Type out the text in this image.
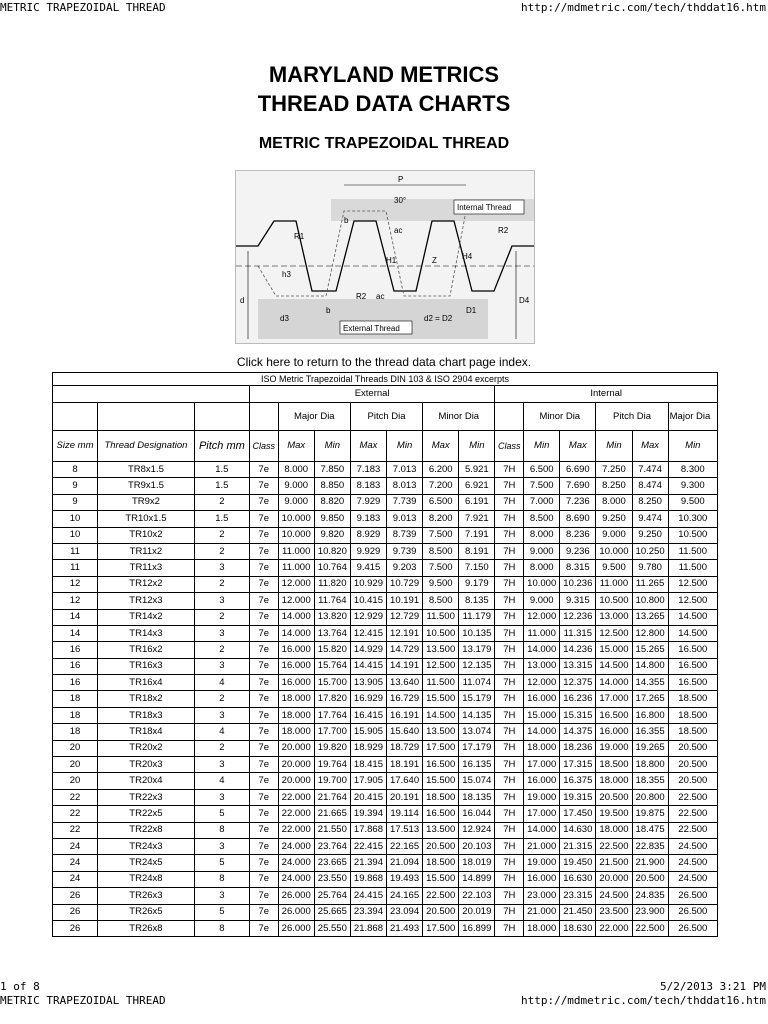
METRIC TRAPEZOIDAL THREAD	http://mdmetric.com/tech/thddat16.htm
MARYLAND METRICS
THREAD DATA CHARTS
METRIC TRAPEZOIDAL THREAD
P
30°
Internal Thread
External Thread
R1
R2
b
b
ac
ac
H1
h3
H4
Z
d
d3	d2 = D2
D1
D4
R2
Click here to return to the thread data chart page index.
ISO Metric Trapezoidal Threads DIN 103 & ISO 2904 excerpts															
			External							Internal					
				Major Dia		Pitch Dia		Minor Dia			Minor Dia		Pitch Dia		Major Dia
Size mm	Thread Designation	Pitch mm	Class	Max	Min	Max	Min	Max	Min	Class	Min	Max	Min	Max	Min
8	TR8x1.5	1.5	7e	8.000	7.850	7.183	7.013	6.200	5.921	7H	6.500	6.690	7.250	7.474	8.300
9	TR9x1.5	1.5	7e	9.000	8.850	8.183	8.013	7.200	6.921	7H	7.500	7.690	8.250	8.474	9.300
9	TR9x2	2	7e	9.000	8.820	7.929	7.739	6.500	6.191	7H	7.000	7.236	8.000	8.250	9.500
10	TR10x1.5	1.5	7e	10.000	9.850	9.183	9.013	8.200	7.921	7H	8.500	8.690	9.250	9.474	10.300
10	TR10x2	2	7e	10.000	9.820	8.929	8.739	7.500	7.191	7H	8.000	8.236	9.000	9.250	10.500
11	TR11x2	2	7e	11.000	10.820	9.929	9.739	8.500	8.191	7H	9.000	9.236	10.000	10.250	11.500
11	TR11x3	3	7e	11.000	10.764	9.415	9.203	7.500	7.150	7H	8.000	8.315	9.500	9.780	11.500
12	TR12x2	2	7e	12.000	11.820	10.929	10.729	9.500	9.179	7H	10.000	10.236	11.000	11.265	12.500
12	TR12x3	3	7e	12.000	11.764	10.415	10.191	8.500	8.135	7H	9.000	9.315	10.500	10.800	12.500
14	TR14x2	2	7e	14.000	13.820	12.929	12.729	11.500	11.179	7H	12.000	12.236	13.000	13.265	14.500
14	TR14x3	3	7e	14.000	13.764	12.415	12.191	10.500	10.135	7H	11.000	11.315	12.500	12.800	14.500
16	TR16x2	2	7e	16.000	15.820	14.929	14.729	13.500	13.179	7H	14.000	14.236	15.000	15.265	16.500
16	TR16x3	3	7e	16.000	15.764	14.415	14.191	12.500	12.135	7H	13.000	13.315	14.500	14.800	16.500
16	TR16x4	4	7e	16.000	15.700	13.905	13.640	11.500	11.074	7H	12.000	12.375	14.000	14.355	16.500
18	TR18x2	2	7e	18.000	17.820	16.929	16.729	15.500	15.179	7H	16.000	16.236	17.000	17.265	18.500
18	TR18x3	3	7e	18.000	17.764	16.415	16.191	14.500	14.135	7H	15.000	15.315	16.500	16.800	18.500
18	TR18x4	4	7e	18.000	17.700	15.905	15.640	13.500	13.074	7H	14.000	14.375	16.000	16.355	18.500
20	TR20x2	2	7e	20.000	19.820	18.929	18.729	17.500	17.179	7H	18.000	18.236	19.000	19.265	20.500
20	TR20x3	3	7e	20.000	19.764	18.415	18.191	16.500	16.135	7H	17.000	17.315	18.500	18.800	20.500
20	TR20x4	4	7e	20.000	19.700	17.905	17.640	15.500	15.074	7H	16.000	16.375	18.000	18.355	20.500
22	TR22x3	3	7e	22.000	21.764	20.415	20.191	18.500	18.135	7H	19.000	19.315	20.500	20.800	22.500
22	TR22x5	5	7e	22.000	21.665	19.394	19.114	16.500	16.044	7H	17.000	17.450	19.500	19.875	22.500
22	TR22x8	8	7e	22.000	21.550	17.868	17.513	13.500	12.924	7H	14.000	14.630	18.000	18.475	22.500
24	TR24x3	3	7e	24.000	23.764	22.415	22.165	20.500	20.103	7H	21.000	21.315	22.500	22.835	24.500
24	TR24x5	5	7e	24.000	23.665	21.394	21.094	18.500	18.019	7H	19.000	19.450	21.500	21.900	24.500
24	TR24x8	8	7e	24.000	23.550	19.868	19.493	15.500	14.899	7H	16.000	16.630	20.000	20.500	24.500
26	TR26x3	3	7e	26.000	25.764	24.415	24.165	22.500	22.103	7H	23.000	23.315	24.500	24.835	26.500
26	TR26x5	5	7e	26.000	25.665	23.394	23.094	20.500	20.019	7H	21.000	21.450	23.500	23.900	26.500
26	TR26x8	8	7e	26.000	25.550	21.868	21.493	17.500	16.899	7H	18.000	18.630	22.000	22.500	26.500
1 of 8	5/2/2013 3:21 PM
METRIC TRAPEZOIDAL THREAD	http://mdmetric.com/tech/thddat16.htm
